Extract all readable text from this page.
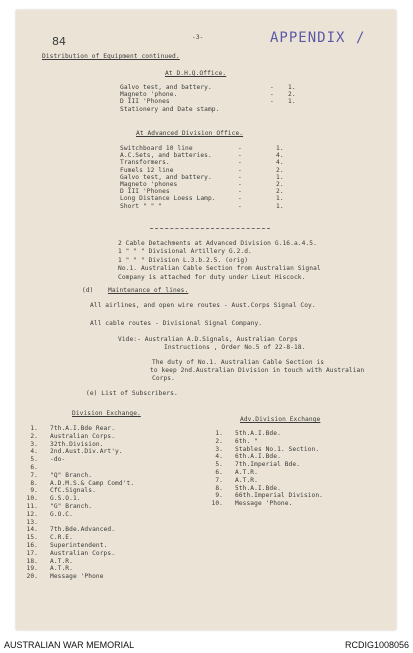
84	-3-	APPENDIX /
Distribution of Equipment continued.
At D.H.Q.Office.
Galvo test, and battery.	- 1.
Magneto 'phone.	- 2.
D III 'Phones	- 1.
Stationery and Date stamp.
At Advanced Division Office.
Switchboard 10 line	-	1.
A.C.Sets, and batteries.	-	4.
Transformers.	-	4.
Fumels 12 line	-	2.
Galvo test, and battery.	-	1.
Magneto 'phones	-	2.
D III 'Phones	-	2.
Long Distance Loess Lamp.	-	1.
Short " " "	-	1.
2 Cable Detachments at Advanced Division G.16.a.4.5.
1 " " " Divisional Artillery G.2.d.
1 " " " Division L.3.b.2.5. (orig)
No.1. Australian Cable Section from Australian Signal
Company is attached for duty under Lieut Hiscock.
(d) Maintenance of lines.
All airlines, and open wire routes - Aust.Corps Signal Coy.
All cable routes - Divisional Signal Company.
Vide:- Australian A.D.Signals, Australian Corps
Instructions , Order No.5 of 22-8-18.
The duty of No.1. Australian Cable Section is
to keep 2nd.Australian Division in touch with Australian
Corps.
(e) List of Subscribers.
Division Exchange.
1. 7th.A.I.Bde Rear.
2. Australian Corps.
3. 32th.Division.
4. 2nd.Aust.Div.Art'y.
5. -do-
6.
7. "Q" Branch.
8. A.D.M.S.& Camp Comd't.
9. CfC.Signals.
10. G.S.O.1.
11. "G" Branch.
12. G.O.C.
13.
14. 7th.Bde.Advanced.
15. C.R.E.
16. Superintendent.
17. Australian Corps.
18. A.T.R.
19. A.T.R.
20. Message 'Phone
Adv.Division Exchange
1. 5th.A.I.Bde.
2. 6th. "
3. Stables No.1. Section.
4. 6th.A.I.Bde.
5. 7th.Imperial Bde.
6. A.T.R.
7. A.T.R.
8. 5th.A.I.Bde.
9. 66th.Imperial Division.
10. Message 'Phone.
AUSTRALIAN WAR MEMORIAL	RCDIG1008056
